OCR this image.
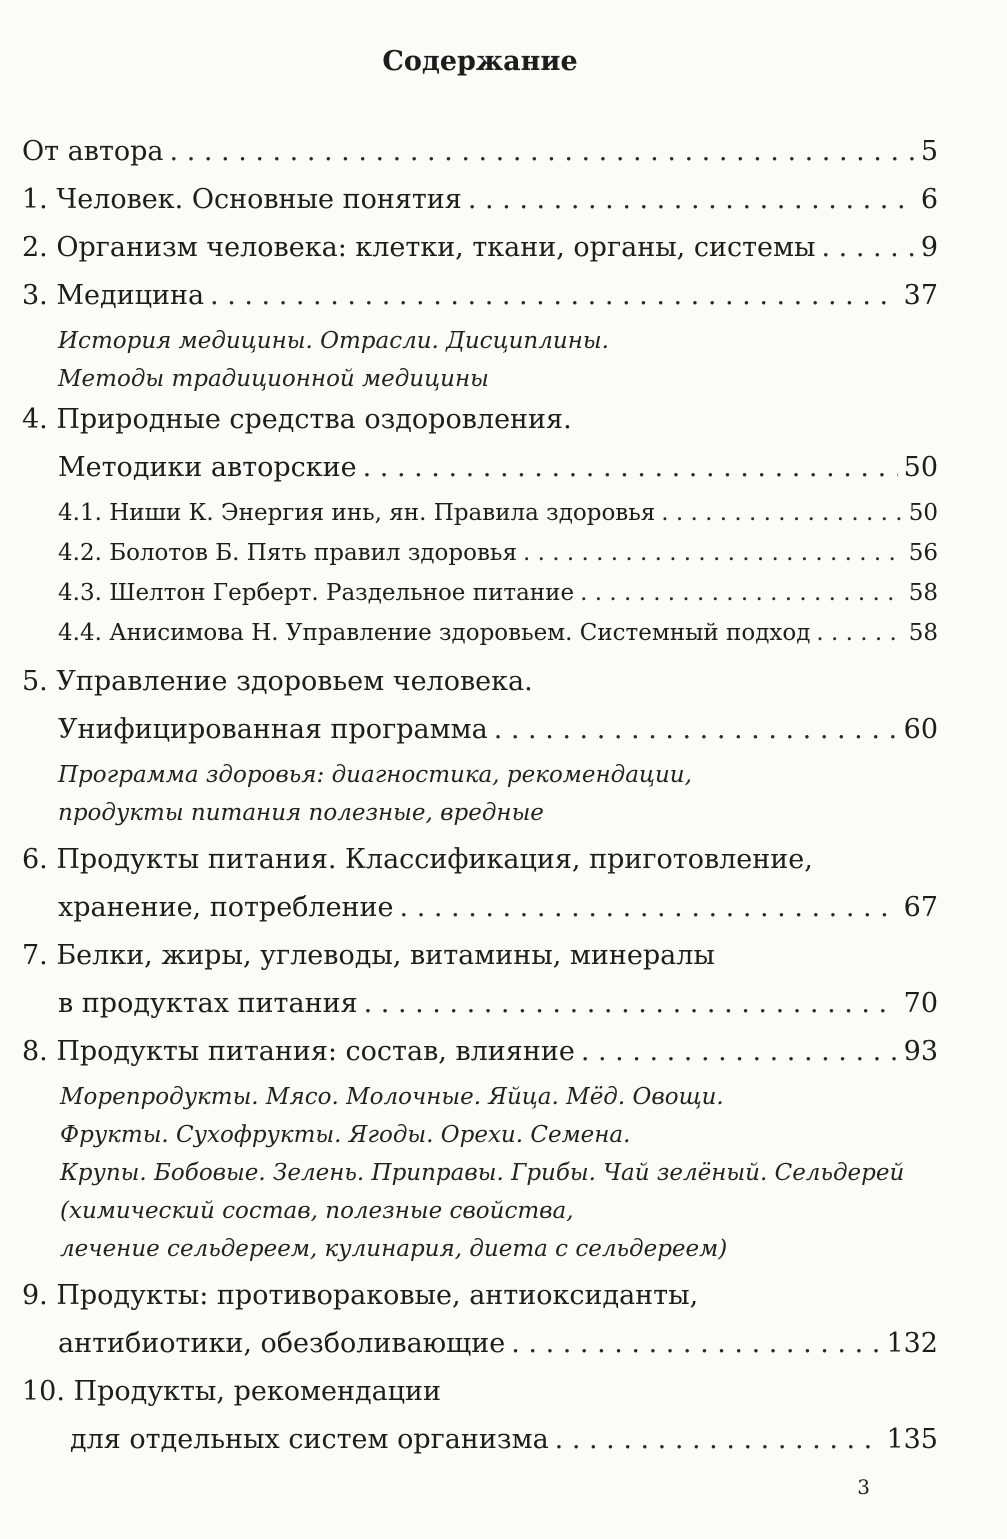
Содержание
От автора . . .	5
1. Человек. Основные понятия . . .	6
2. Организм человека: клетки, ткани, органы, системы . . .	9
3. Медицина . . .	37
История медицины. Отрасли. Дисциплины.
Методы традиционной медицины
4. Природные средства оздоровления.
Методики авторские . . .	50
4.1. Ниши К. Энергия инь, ян. Правила здоровья . . .	50
4.2. Болотов Б. Пять правил здоровья . . .	56
4.3. Шелтон Герберт. Раздельное питание . . .	58
4.4. Анисимова Н. Управление здоровьем. Системный подход . . .	58
5. Управление здоровьем человека.
Унифицированная программа . . .	60
Программа здоровья: диагностика, рекомендации,
продукты питания полезные, вредные
6. Продукты питания. Классификация, приготовление,
хранение, потребление . . .	67
7. Белки, жиры, углеводы, витамины, минералы
в продуктах питания . . .	70
8. Продукты питания: состав, влияние . . .	93
Морепродукты. Мясо. Молочные. Яйца. Мёд. Овощи.
Фрукты. Сухофрукты. Ягоды. Орехи. Семена.
Крупы. Бобовые. Зелень. Приправы. Грибы. Чай зелёный. Сельдерей
(химический состав, полезные свойства,
лечение сельдереем, кулинария, диета с сельдереем)
9. Продукты: противораковые, антиоксиданты,
антибиотики, обезболивающие . . .	132
10. Продукты, рекомендации
для отдельных систем организма . . .	135
3
